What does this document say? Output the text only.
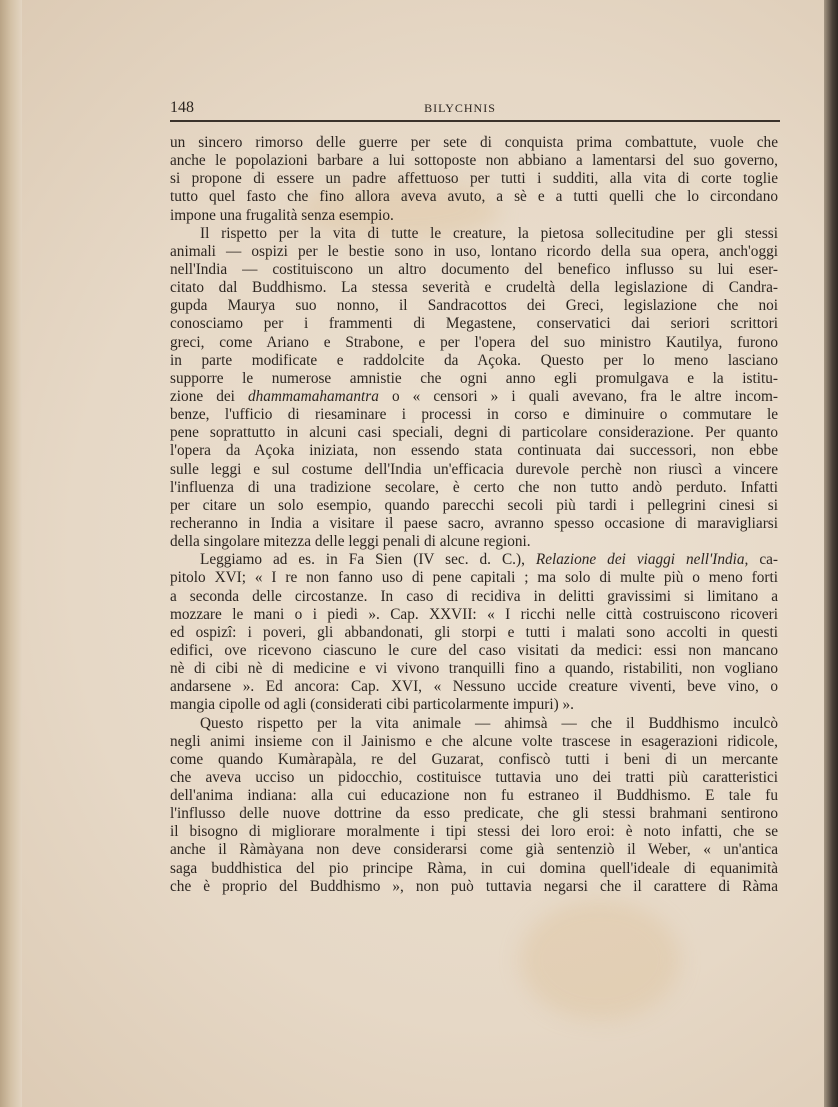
148	BILYCHNIS
un sincero rimorso delle guerre per sete di conquista prima combattute, vuole che
anche le popolazioni barbare a lui sottoposte non abbiano a lamentarsi del suo governo,
si propone di essere un padre affettuoso per tutti i sudditi, alla vita di corte toglie
tutto quel fasto che fino allora aveva avuto, a sè e a tutti quelli che lo circondano
impone una frugalità senza esempio.
Il rispetto per la vita di tutte le creature, la pietosa sollecitudine per gli stessi
animali — ospizi per le bestie sono in uso, lontano ricordo della sua opera, anch'oggi
nell'India — costituiscono un altro documento del benefico influsso su lui eser-
citato dal Buddhismo. La stessa severità e crudeltà della legislazione di Candra-
gupda Maurya suo nonno, il Sandracottos dei Greci, legislazione che noi
conosciamo per i frammenti di Megastene, conservatici dai seriori scrittori
greci, come Ariano e Strabone, e per l'opera del suo ministro Kautilya, furono
in parte modificate e raddolcite da Açoka. Questo per lo meno lasciano
supporre le numerose amnistie che ogni anno egli promulgava e la istitu-
zione dei dhammamahamantra o « censori » i quali avevano, fra le altre incom-
benze, l'ufficio di riesaminare i processi in corso e diminuire o commutare le
pene soprattutto in alcuni casi speciali, degni di particolare considerazione. Per quanto
l'opera da Açoka iniziata, non essendo stata continuata dai successori, non ebbe
sulle leggi e sul costume dell'India un'efficacia durevole perchè non riuscì a vincere
l'influenza di una tradizione secolare, è certo che non tutto andò perduto. Infatti
per citare un solo esempio, quando parecchi secoli più tardi i pellegrini cinesi si
recheranno in India a visitare il paese sacro, avranno spesso occasione di maravigliarsi
della singolare mitezza delle leggi penali di alcune regioni.
Leggiamo ad es. in Fa Sien (IV sec. d. C.), Relazione dei viaggi nell'India, ca-
pitolo XVI; « I re non fanno uso di pene capitali ; ma solo di multe più o meno forti
a seconda delle circostanze. In caso di recidiva in delitti gravissimi si limitano a
mozzare le mani o i piedi ». Cap. XXVII: « I ricchi nelle città costruiscono ricoveri
ed ospizî: i poveri, gli abbandonati, gli storpi e tutti i malati sono accolti in questi
edifici, ove ricevono ciascuno le cure del caso visitati da medici: essi non mancano
nè di cibi nè di medicine e vi vivono tranquilli fino a quando, ristabiliti, non vogliano
andarsene ». Ed ancora: Cap. XVI, « Nessuno uccide creature viventi, beve vino, o
mangia cipolle od agli (considerati cibi particolarmente impuri) ».
Questo rispetto per la vita animale — ahimsà — che il Buddhismo inculcò
negli animi insieme con il Jainismo e che alcune volte trascese in esagerazioni ridicole,
come quando Kumàrapàla, re del Guzarat, confiscò tutti i beni di un mercante
che aveva ucciso un pidocchio, costituisce tuttavia uno dei tratti più caratteristici
dell'anima indiana: alla cui educazione non fu estraneo il Buddhismo. E tale fu
l'influsso delle nuove dottrine da esso predicate, che gli stessi brahmani sentirono
il bisogno di migliorare moralmente i tipi stessi dei loro eroi: è noto infatti, che se
anche il Ràmàyana non deve considerarsi come già sentenziò il Weber, « un'antica
saga buddhistica del pio principe Ràma, in cui domina quell'ideale di equanimità
che è proprio del Buddhismo », non può tuttavia negarsi che il carattere di Ràma
